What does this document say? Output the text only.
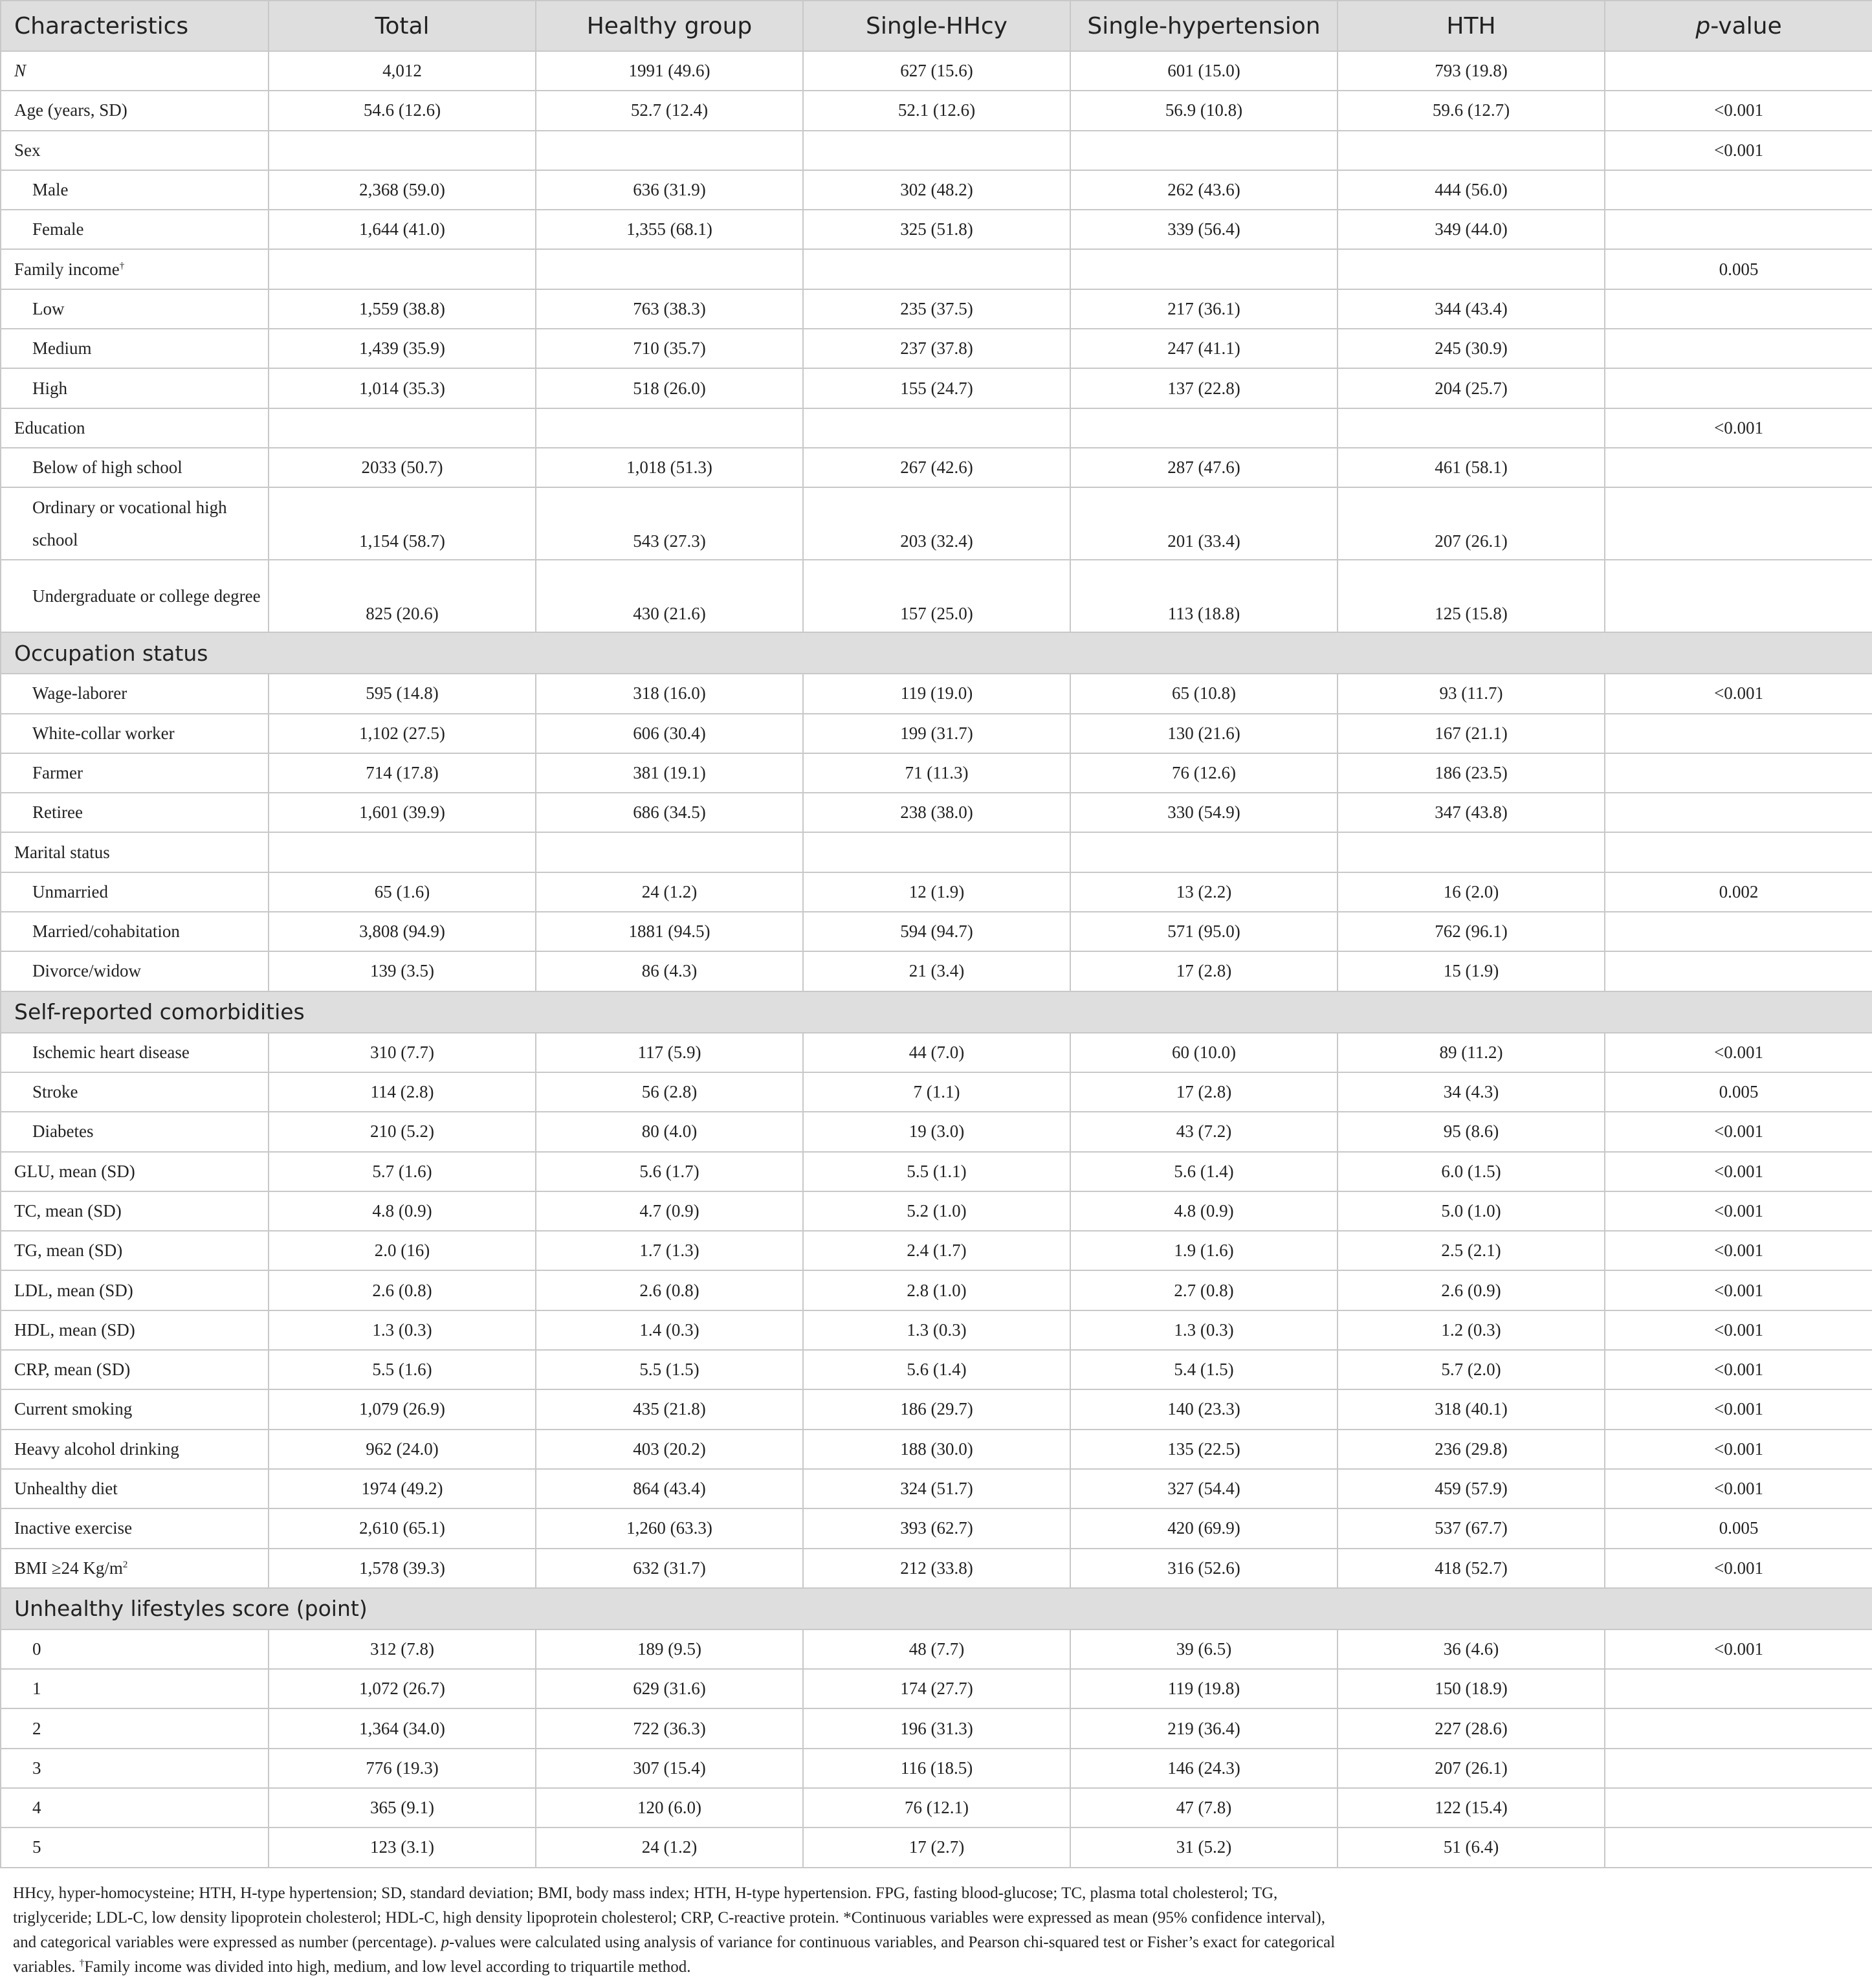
Characteristics	Total	Healthy group	Single-HHcy	Single-hypertension	HTH	p-value
N	4,012	1991 (49.6)	627 (15.6)	601 (15.0)	793 (19.8)	
Age (years, SD)	54.6 (12.6)	52.7 (12.4)	52.1 (12.6)	56.9 (10.8)	59.6 (12.7)	<0.001
Sex						<0.001
Male	2,368 (59.0)	636 (31.9)	302 (48.2)	262 (43.6)	444 (56.0)	
Female	1,644 (41.0)	1,355 (68.1)	325 (51.8)	339 (56.4)	349 (44.0)	
Family income†						0.005
Low	1,559 (38.8)	763 (38.3)	235 (37.5)	217 (36.1)	344 (43.4)	
Medium	1,439 (35.9)	710 (35.7)	237 (37.8)	247 (41.1)	245 (30.9)	
High	1,014 (35.3)	518 (26.0)	155 (24.7)	137 (22.8)	204 (25.7)	
Education						<0.001
Below of high school	2033 (50.7)	1,018 (51.3)	267 (42.6)	287 (47.6)	461 (58.1)	
Ordinary or vocational high school	1,154 (58.7)	543 (27.3)	203 (32.4)	201 (33.4)	207 (26.1)	
Undergraduate or college degree	825 (20.6)	430 (21.6)	157 (25.0)	113 (18.8)	125 (15.8)	
Occupation status						
Wage-laborer	595 (14.8)	318 (16.0)	119 (19.0)	65 (10.8)	93 (11.7)	<0.001
White-collar worker	1,102 (27.5)	606 (30.4)	199 (31.7)	130 (21.6)	167 (21.1)	
Farmer	714 (17.8)	381 (19.1)	71 (11.3)	76 (12.6)	186 (23.5)	
Retiree	1,601 (39.9)	686 (34.5)	238 (38.0)	330 (54.9)	347 (43.8)	
Marital status						
Unmarried	65 (1.6)	24 (1.2)	12 (1.9)	13 (2.2)	16 (2.0)	0.002
Married/cohabitation	3,808 (94.9)	1881 (94.5)	594 (94.7)	571 (95.0)	762 (96.1)	
Divorce/widow	139 (3.5)	86 (4.3)	21 (3.4)	17 (2.8)	15 (1.9)	
Self-reported comorbidities						
Ischemic heart disease	310 (7.7)	117 (5.9)	44 (7.0)	60 (10.0)	89 (11.2)	<0.001
Stroke	114 (2.8)	56 (2.8)	7 (1.1)	17 (2.8)	34 (4.3)	0.005
Diabetes	210 (5.2)	80 (4.0)	19 (3.0)	43 (7.2)	95 (8.6)	<0.001
GLU, mean (SD)	5.7 (1.6)	5.6 (1.7)	5.5 (1.1)	5.6 (1.4)	6.0 (1.5)	<0.001
TC, mean (SD)	4.8 (0.9)	4.7 (0.9)	5.2 (1.0)	4.8 (0.9)	5.0 (1.0)	<0.001
TG, mean (SD)	2.0 (16)	1.7 (1.3)	2.4 (1.7)	1.9 (1.6)	2.5 (2.1)	<0.001
LDL, mean (SD)	2.6 (0.8)	2.6 (0.8)	2.8 (1.0)	2.7 (0.8)	2.6 (0.9)	<0.001
HDL, mean (SD)	1.3 (0.3)	1.4 (0.3)	1.3 (0.3)	1.3 (0.3)	1.2 (0.3)	<0.001
CRP, mean (SD)	5.5 (1.6)	5.5 (1.5)	5.6 (1.4)	5.4 (1.5)	5.7 (2.0)	<0.001
Current smoking	1,079 (26.9)	435 (21.8)	186 (29.7)	140 (23.3)	318 (40.1)	<0.001
Heavy alcohol drinking	962 (24.0)	403 (20.2)	188 (30.0)	135 (22.5)	236 (29.8)	<0.001
Unhealthy diet	1974 (49.2)	864 (43.4)	324 (51.7)	327 (54.4)	459 (57.9)	<0.001
Inactive exercise	2,610 (65.1)	1,260 (63.3)	393 (62.7)	420 (69.9)	537 (67.7)	0.005
BMI ≥24 $Kg/m^2$	1,578 (39.3)	632 (31.7)	212 (33.8)	316 (52.6)	418 (52.7)	<0.001
Unhealthy lifestyles score (point)						
0	312 (7.8)	189 (9.5)	48 (7.7)	39 (6.5)	36 (4.6)	<0.001
1	1,072 (26.7)	629 (31.6)	174 (27.7)	119 (19.8)	150 (18.9)	
2	1,364 (34.0)	722 (36.3)	196 (31.3)	219 (36.4)	227 (28.6)	
3	776 (19.3)	307 (15.4)	116 (18.5)	146 (24.3)	207 (26.1)	
4	365 (9.1)	120 (6.0)	76 (12.1)	47 (7.8)	122 (15.4)	
5	123 (3.1)	24 (1.2)	17 (2.7)	31 (5.2)	51 (6.4)	
HHcy, hyper-homocysteine; HTH, H-type hypertension; SD, standard deviation; BMI, body mass index; HTH, H-type hypertension. FPG, fasting blood-glucose; TC, plasma total cholesterol; TG, triglyceride; LDL-C, low density lipoprotein cholesterol; HDL-C, high density lipoprotein cholesterol; CRP, C-reactive protein. *Continuous variables were expressed as mean (95% confidence interval), and categorical variables were expressed as number (percentage). p-values were calculated using analysis of variance for continuous variables, and Pearson chi-squared test or Fisher’s exact for categorical variables. †Family income was divided into high, medium, and low level according to triquartile method.
